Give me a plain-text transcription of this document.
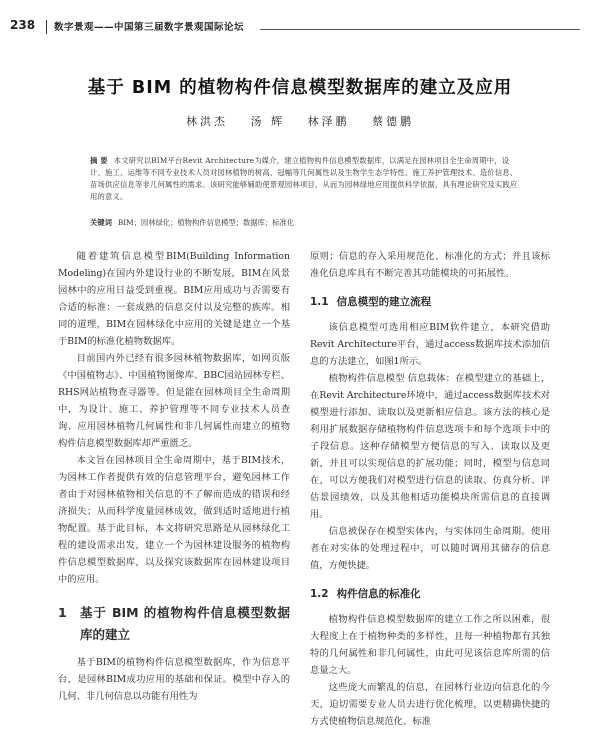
238 数字景观——中国第三届数字景观国际论坛
基于 BIM 的植物构件信息模型数据库的建立及应用
林洪杰 汤 辉 林泽鹏 蔡德鹏
摘 要 本文研究以BIM平台Revit Architecture为媒介，建立植物构件信息模型数据库，以满足在园林项目全生命周期中，设计、施工、运维等不同专业技术人员对园林植物的树高、冠幅等几何属性以及生物学生态学特性、施工养护管理技术、造价信息、苗场供应信息等非几何属性的需求。该研究能够辅助使景观园林项目，从而为园林绿地应用提供科学依据，具有理论研究及实践应用的意义。
关键词 BIM；园林绿化；植物构件信息模型；数据库；标准化

随着建筑信息模型BIM(Building Information Modeling)在国内外建设行业的不断发展，BIM在风景园林中的应用日益受到重视。BIM应用成功与否需要有合适的标准：一套成熟的信息交付以及完整的族库。相同的道理，BIM在园林绿化中应用的关键是建立一个基于BIM的标准化植物数据库。

目前国内外已经有很多园林植物数据库，如网页版《中国植物志》、中国植物图像库、BBC园站园林专栏、RHS网站植物查寻器等。但是能在园林项目全生命周期中，为设计、施工、养护管理等不同专业技术人员查询、应用园林植物几何属性和非几何属性而建立的植物构件信息模型数据库却严重匮乏。

本文旨在园林项目全生命周期中，基于BIM技术，为园林工作者提供有效的信息管理平台，避免园林工作者由于对园林植物相关信息的不了解而造成的错误和经济损失；从而科学度量园林成效，做到适时适地进行植物配置。基于此目标，本文将研究思路是从园林绿化工程的建设需求出发，建立一个为园林建设服务的植物构件信息模型数据库，以及探究该数据库在园林建设项目中的应用。

1	基于 BIM 的植物构件信息模型数据库的建立

基于BIM的植物构件信息模型数据库，作为信息平台，是园林BIM成功应用的基础和保证。模型中存入的几何、非几何信息以功能有用性为

原则；信息的存入采用规范化、标准化的方式；并且该标准化信息库具有不断完善其功能模块的可拓展性。

1.1 信息模型的建立流程

该信息模型可选用相应BIM软件建立，本研究借助Revit Architecture平台，通过access数据库技术添加信息的方法建立，如图1所示。

植物构件信息模型 信息载体：在模型建立的基础上，在Revit Architecture环境中，通过access数据库技术对模型进行添加、读取以及更新相应信息。该方法的核心是利用扩展数据存储植物构件信息选项卡和每个选项卡中的子段信息。这种存储模型方便信息的写入、读取以及更新，并且可以实现信息的扩展功能；同时，模型与信息同在，可以方便我们对模型进行信息的读取、仿真分析、评估景园绩效，以及其他相适功能模块所需信息的直接调用。

信息被保存在模型实体内，与实体同生命周期。使用者在对实体的处理过程中，可以随时调用其储存的信息值，方便快捷。

1.2 构件信息的标准化

植物构件信息模型数据库的建立工作之所以困难，很大程度上在于植物种类的多样性，且每一种植物都有其独特的几何属性和非几何属性，由此可见该信息库所需的信息量之大。

这些庞大而繁乱的信息，在园林行业迈向信息化的今天，迫切需要专业人员去进行优化梳理，以更精确快捷的方式使植物信息规范化、标准
